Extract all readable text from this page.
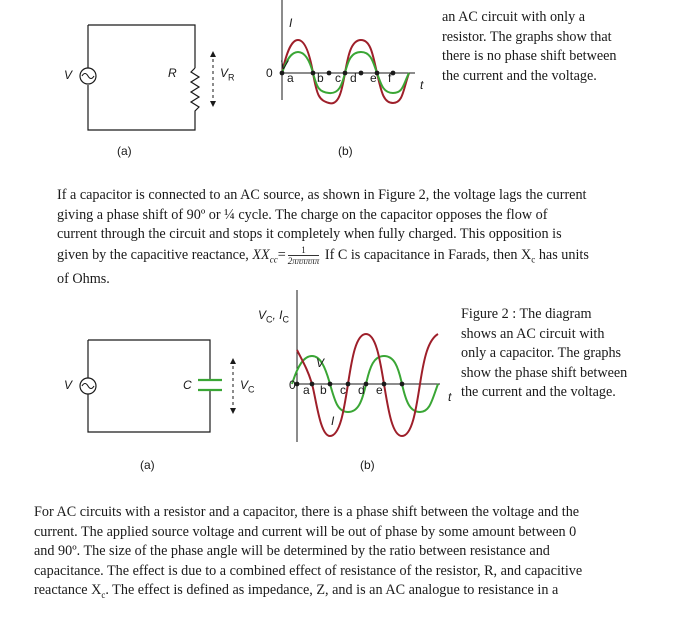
V	R	$V_R$	0
I
V
t
a b c d e f
an AC circuit with only a
resistor. The graphs show that
there is no phase shift between
the current and the voltage.
(a)	(b)
If a capacitor is connected to an AC source, as shown in Figure 2, the voltage lags the current
giving a phase shift of 90º or ¼ cycle. The charge on the capacitor opposes the flow of
current through the circuit and stops it completely when fully charged. This opposition is
given by the capacitive reactance, $XX_{cc}= \frac{1}{\text{2ππππππ}}$ If C is capacitance in Farads, then $X_c$ has units
of Ohms.
V	C	$V_C$
$V_C$, $I_C$
0
V
I
t
a b c d e
Figure 2 : The diagram
shows an AC circuit with
only a capacitor. The graphs
show the phase shift between
the current and the voltage.
(a)	(b)
For AC circuits with a resistor and a capacitor, there is a phase shift between the voltage and the
current. The applied source voltage and current will be out of phase by some amount between 0
and 90º. The size of the phase angle will be determined by the ratio between resistance and
capacitance. The effect is due to a combined effect of resistance of the resistor, R, and capacitive
reactance $X_c$. The effect is defined as impedance, Z, and is an AC analogue to resistance in a
